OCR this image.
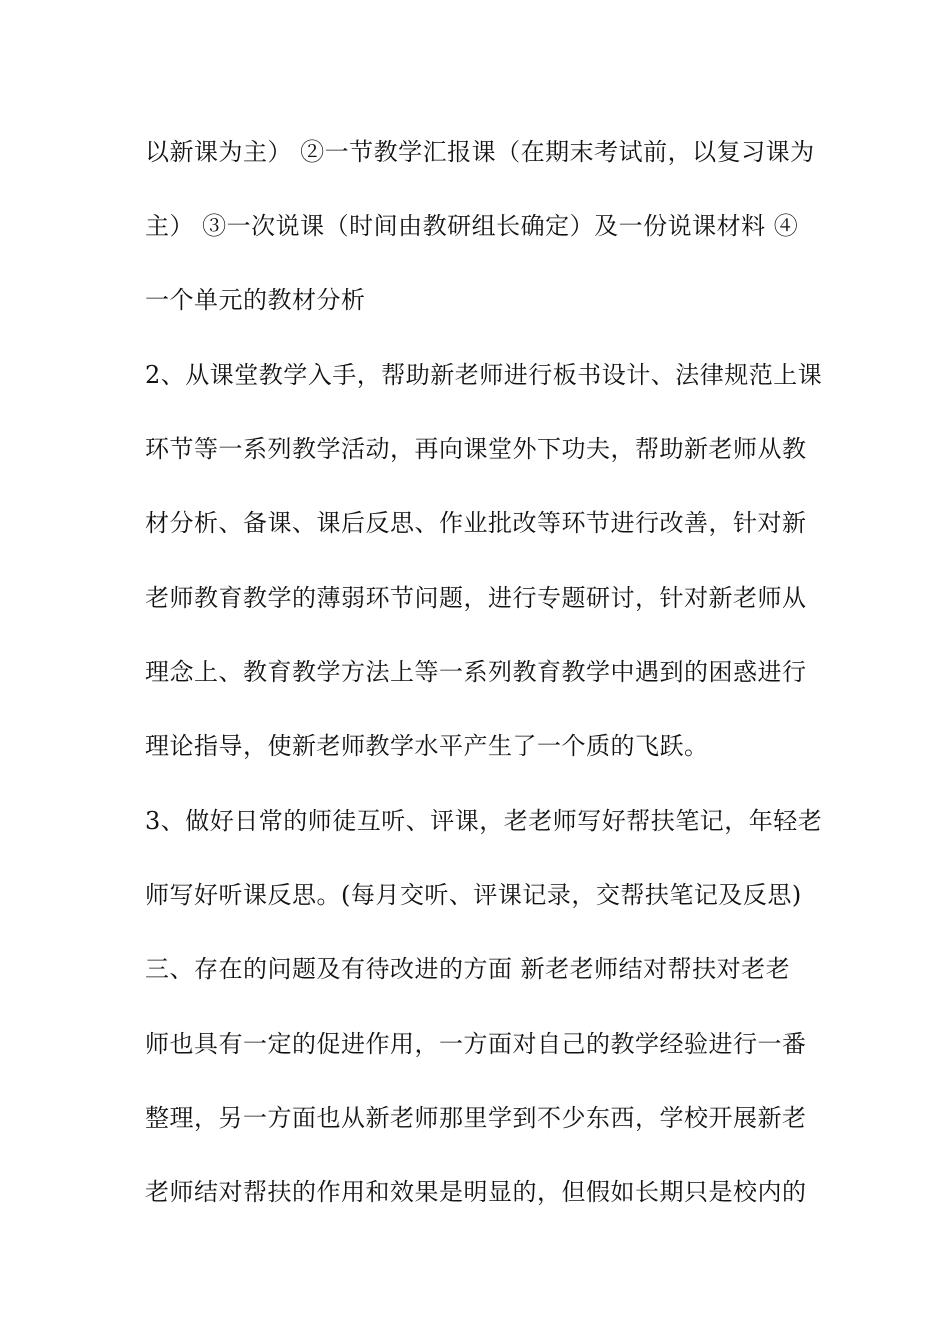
以新课为主） ②一节教学汇报课（在期末考试前，以复习课为
主） ③一次说课（时间由教研组长确定）及一份说课材料 ④
一个单元的教材分析
2、从课堂教学入手，帮助新老师进行板书设计、法律规范上课
环节等一系列教学活动，再向课堂外下功夫，帮助新老师从教
材分析、备课、课后反思、作业批改等环节进行改善，针对新
老师教育教学的薄弱环节问题，进行专题研讨，针对新老师从
理念上、教育教学方法上等一系列教育教学中遇到的困惑进行
理论指导，使新老师教学水平产生了一个质的飞跃。
3、做好日常的师徒互听、评课，老老师写好帮扶笔记，年轻老
师写好听课反思。(每月交听、评课记录，交帮扶笔记及反思)
三、存在的问题及有待改进的方面 新老老师结对帮扶对老老
师也具有一定的促进作用，一方面对自己的教学经验进行一番
整理，另一方面也从新老师那里学到不少东西，学校开展新老
老师结对帮扶的作用和效果是明显的，但假如长期只是校内的
